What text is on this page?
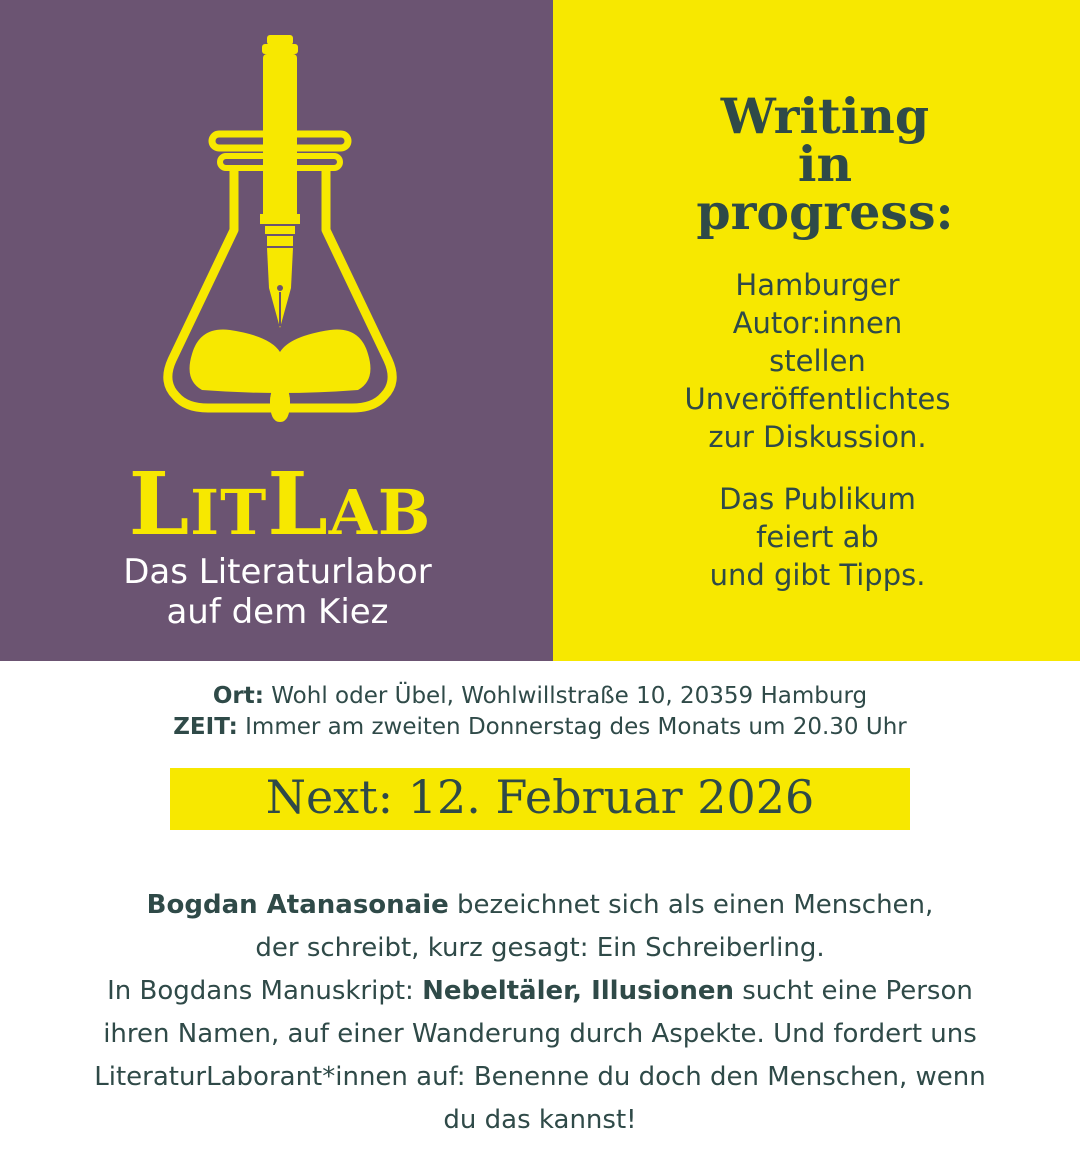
LITLAB
Das Literaturlabor
auf dem Kiez
Writing
in
progress:
Hamburger
Autor:innen
stellen
Unveröffentlichtes
zur Diskussion.
Das Publikum
feiert ab
und gibt Tipps.
Ort: Wohl oder Übel, Wohlwillstraße 10, 20359 Hamburg
ZEIT: Immer am zweiten Donnerstag des Monats um 20.30 Uhr
Next: 12. Februar 2026
Bogdan Atanasonaie bezeichnet sich als einen Menschen,
der schreibt, kurz gesagt: Ein Schreiberling.
In Bogdans Manuskript: Nebeltäler, Illusionen sucht eine Person
ihren Namen, auf einer Wanderung durch Aspekte. Und fordert uns
LiteraturLaborant*innen auf: Benenne du doch den Menschen, wenn
du das kannst!
